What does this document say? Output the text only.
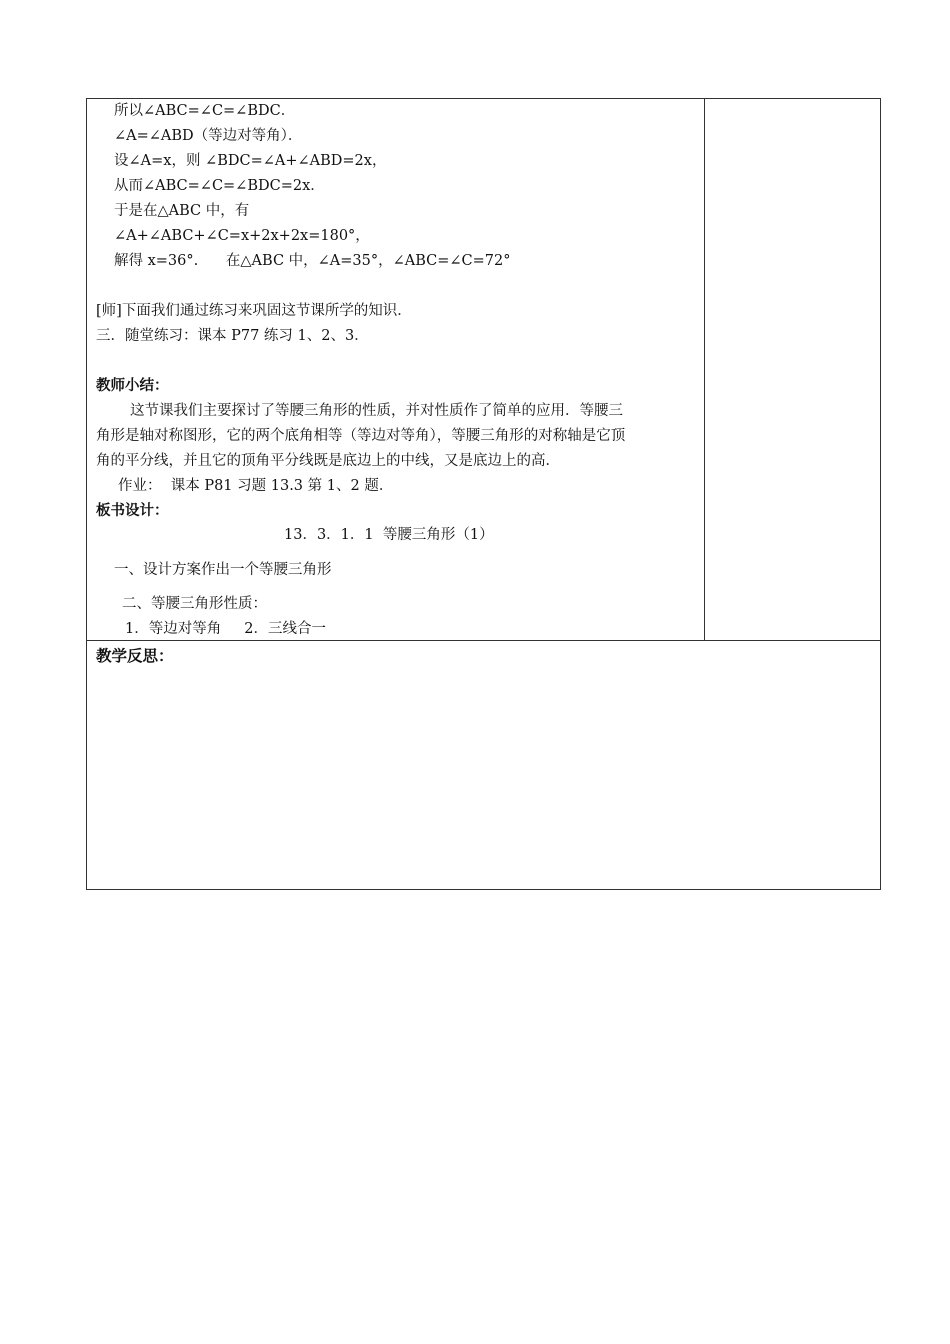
所以∠ABC=∠C=∠BDC．
∠A=∠ABD（等边对等角）．
设∠A=x，则 ∠BDC=∠A+∠ABD=2x，
从而∠ABC=∠C=∠BDC=2x．
于是在△ABC 中，有
∠A+∠ABC+∠C=x+2x+2x=180°，
解得 x=36°.      在△ABC 中，∠A=35°，∠ABC=∠C=72°
[师]下面我们通过练习来巩固这节课所学的知识．
三．随堂练习：课本 P77 练习 1、2、3．
教师小结：
这节课我们主要探讨了等腰三角形的性质，并对性质作了简单的应用．等腰三
角形是轴对称图形，它的两个底角相等（等边对等角），等腰三角形的对称轴是它顶
角的平分线，并且它的顶角平分线既是底边上的中线，又是底边上的高．
作业：  课本 P81 习题 13.3 第 1、2 题．
板书设计：
13．3．1．1  等腰三角形（1）
一、设计方案作出一个等腰三角形
二、等腰三角形性质：
1．等边对等角     2．三线合一
教学反思：
